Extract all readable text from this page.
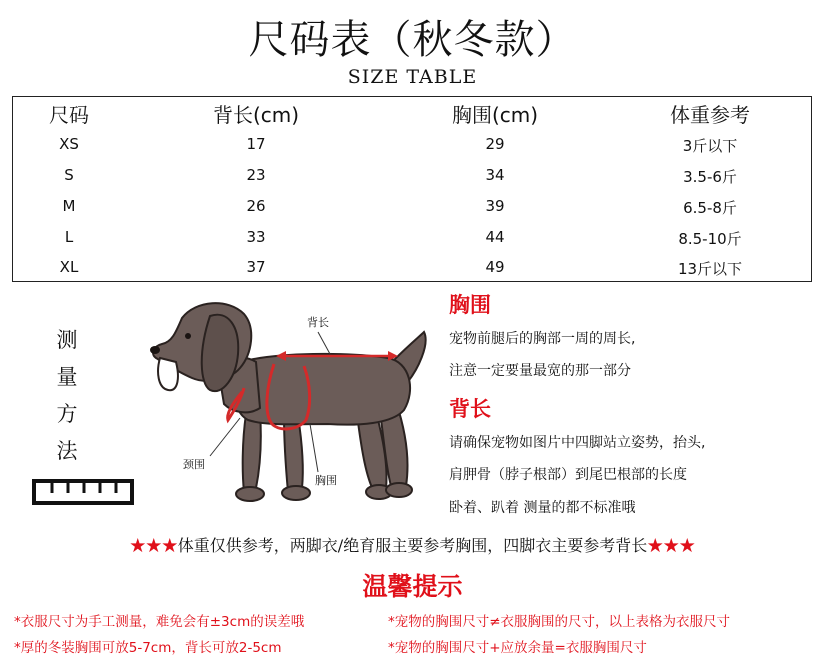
尺码表（秋冬款）
SIZE TABLE
尺码	背长(cm)	胸围(cm)	体重参考
XS	17	29	3斤以下
S	23	34	3.5-6斤
M	26	39	6.5-8斤
L	33	44	8.5-10斤
XL	37	49	13斤以下
测
量
方
法
背长
颈围
胸围
胸围
宠物前腿后的胸部一周的周长,
注意一定要量最宽的那一部分
背长
请确保宠物如图片中四脚站立姿势，抬头,
肩胛骨（脖子根部）到尾巴根部的长度
卧着、趴着 测量的都不标准哦
★★★体重仅供参考，两脚衣/绝育服主要参考胸围，四脚衣主要参考背长★★★
温馨提示
*衣服尺寸为手工测量，难免会有±3cm的误差哦	*宠物的胸围尺寸≠衣服胸围的尺寸，以上表格为衣服尺寸
*厚的冬装胸围可放5-7cm，背长可放2-5cm	*宠物的胸围尺寸+应放余量=衣服胸围尺寸
